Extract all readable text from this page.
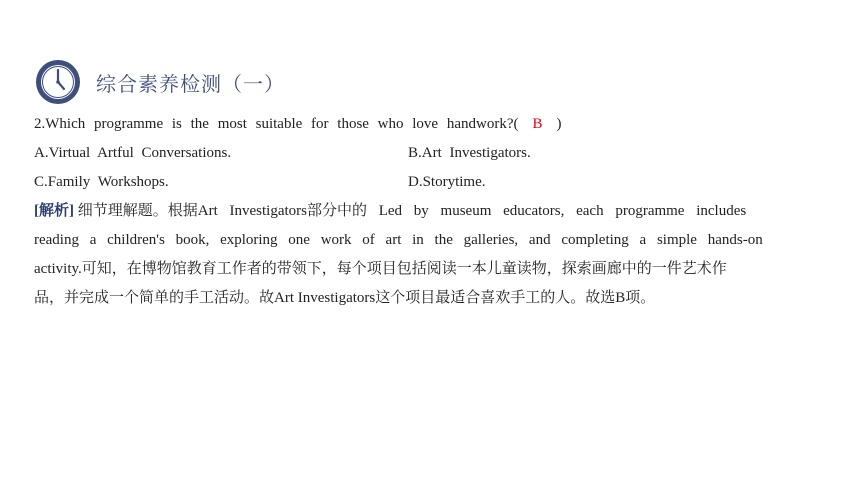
综合素养检测（一）
2.Which programme is the most suitable for those who love handwork?( B )
A.Virtual Artful Conversations.	B.Art Investigators.
C.Family Workshops.	D.Storytime.
[解析] 细节理解题。根据Art Investigators部分中的 Led by museum educators, each programme includes
reading a children's book, exploring one work of art in the galleries, and completing a simple hands-on
activity.可知，在博物馆教育工作者的带领下，每个项目包括阅读一本儿童读物，探索画廊中的一件艺术作
品，并完成一个简单的手工活动。故Art Investigators这个项目最适合喜欢手工的人。故选B项。
